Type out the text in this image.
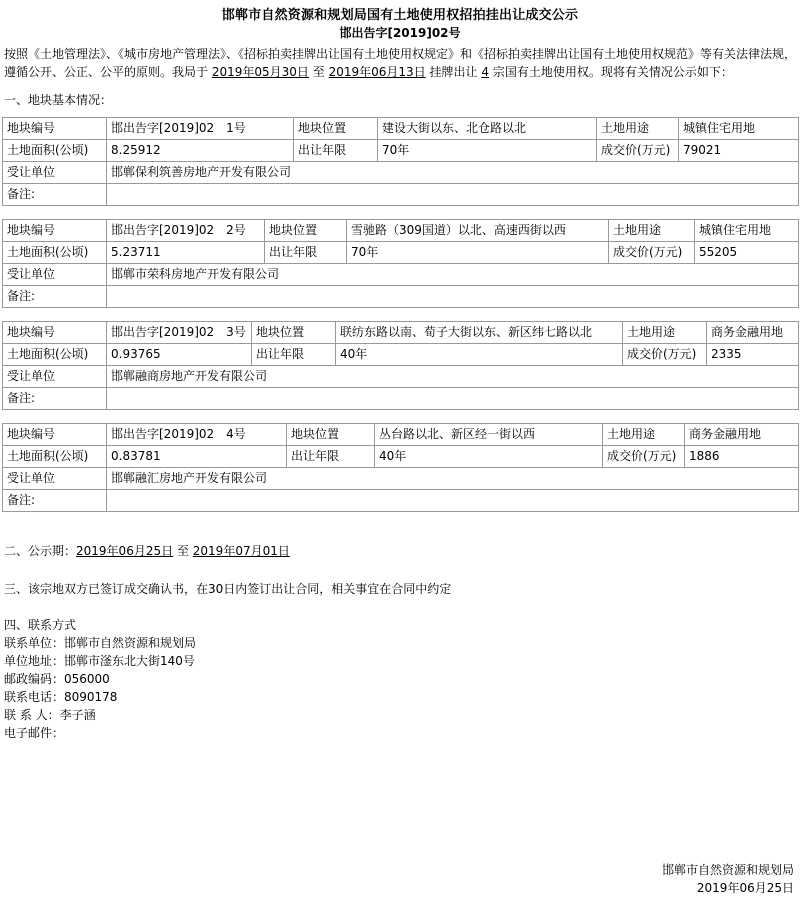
邯郸市自然资源和规划局国有土地使用权招拍挂出让成交公示
邯出告字[2019]02号
按照《土地管理法》、《城市房地产管理法》、《招标拍卖挂牌出让国有土地使用权规定》和《招标拍卖挂牌出让国有土地使用权规范》等有关法律法规，遵循公开、公正、公平的原则。我局于 2019年05月30日 至 2019年06月13日 挂牌出让 4 宗国有土地使用权。现将有关情况公示如下：
一、地块基本情况：
地块编号	邯出告字[2019]02　1号	地块位置	建设大街以东、北仓路以北	土地用途	城镇住宅用地
土地面积(公顷)	8.25912	出让年限	70年	成交价(万元)	79021
受让单位	邯郸保利筑善房地产开发有限公司				
备注:					
地块编号	邯出告字[2019]02　2号	地块位置	雪驰路（309国道）以北、高速西街以西	土地用途	城镇住宅用地
土地面积(公顷)	5.23711	出让年限	70年	成交价(万元)	55205
受让单位	邯郸市荣科房地产开发有限公司				
备注:					
地块编号	邯出告字[2019]02　3号	地块位置	联纺东路以南、荀子大街以东、新区纬七路以北	土地用途	商务金融用地
土地面积(公顷)	0.93765	出让年限	40年	成交价(万元)	2335
受让单位	邯郸融商房地产开发有限公司				
备注:					
地块编号	邯出告字[2019]02　4号	地块位置	丛台路以北、新区经一街以西	土地用途	商务金融用地
土地面积(公顷)	0.83781	出让年限	40年	成交价(万元)	1886
受让单位	邯郸融汇房地产开发有限公司				
备注:					
二、公示期：2019年06月25日 至 2019年07月01日
三、该宗地双方已签订成交确认书，在30日内签订出让合同，相关事宜在合同中约定
四、联系方式
联系单位：邯郸市自然资源和规划局
单位地址：邯郸市滏东北大街140号
邮政编码：056000
联系电话：8090178
联 系 人：李子涵
电子邮件：
邯郸市自然资源和规划局
2019年06月25日
